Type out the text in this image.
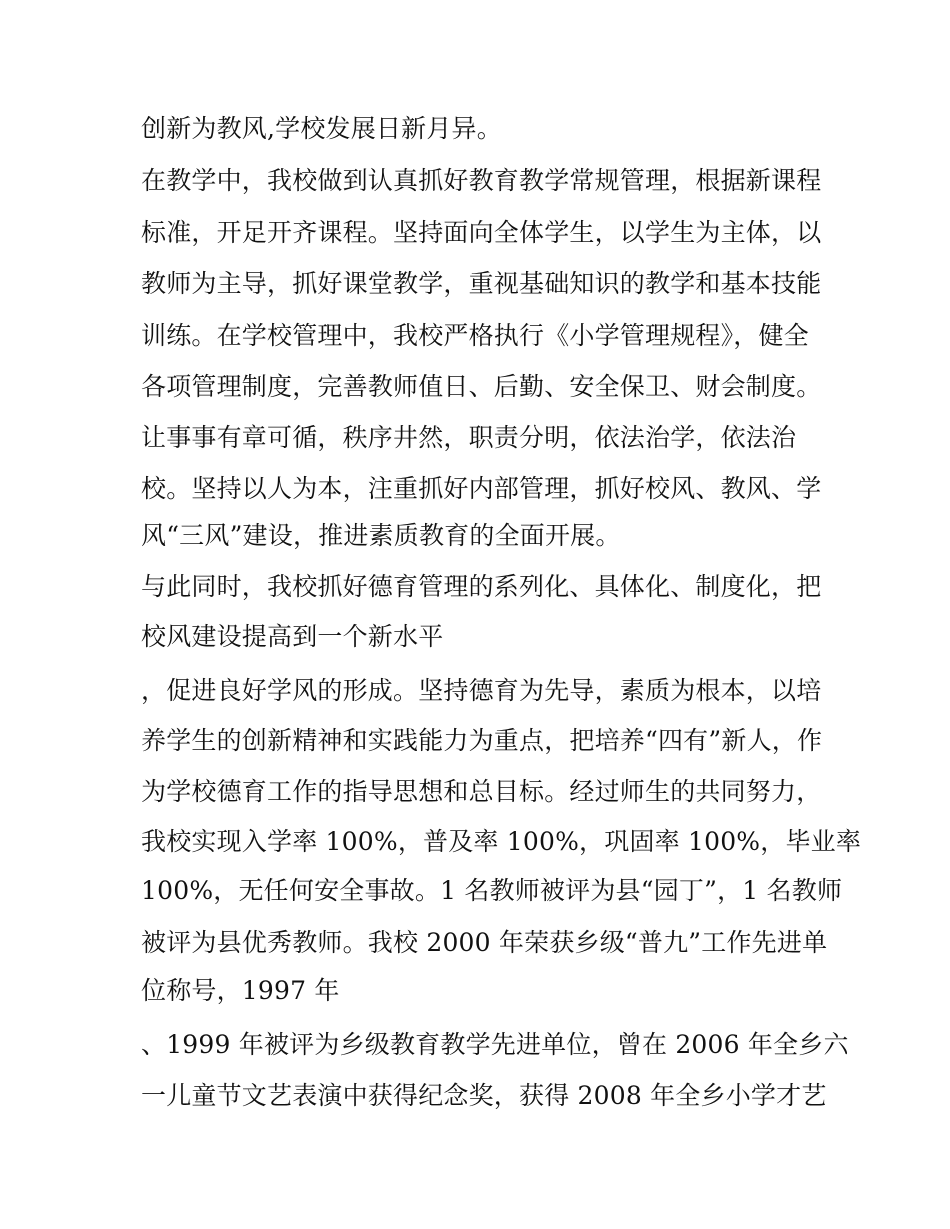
创新为教风,学校发展日新月异。
在教学中，我校做到认真抓好教育教学常规管理，根据新课程
标准，开足开齐课程。坚持面向全体学生，以学生为主体，以
教师为主导，抓好课堂教学，重视基础知识的教学和基本技能
训练。在学校管理中，我校严格执行《小学管理规程》，健全
各项管理制度，完善教师值日、后勤、安全保卫、财会制度。
让事事有章可循，秩序井然，职责分明，依法治学，依法治
校。坚持以人为本，注重抓好内部管理，抓好校风、教风、学
风“三风”建设，推进素质教育的全面开展。
与此同时，我校抓好德育管理的系列化、具体化、制度化，把
校风建设提高到一个新水平
，促进良好学风的形成。坚持德育为先导，素质为根本，以培
养学生的创新精神和实践能力为重点，把培养“四有”新人，作
为学校德育工作的指导思想和总目标。经过师生的共同努力，
我校实现入学率 100%，普及率 100%，巩固率 100%，毕业率
100%，无任何安全事故。1 名教师被评为县“园丁”，1 名教师
被评为县优秀教师。我校 2000 年荣获乡级“普九”工作先进单
位称号，1997 年
、1999 年被评为乡级教育教学先进单位，曾在 2006 年全乡六
一儿童节文艺表演中获得纪念奖，获得 2008 年全乡小学才艺
